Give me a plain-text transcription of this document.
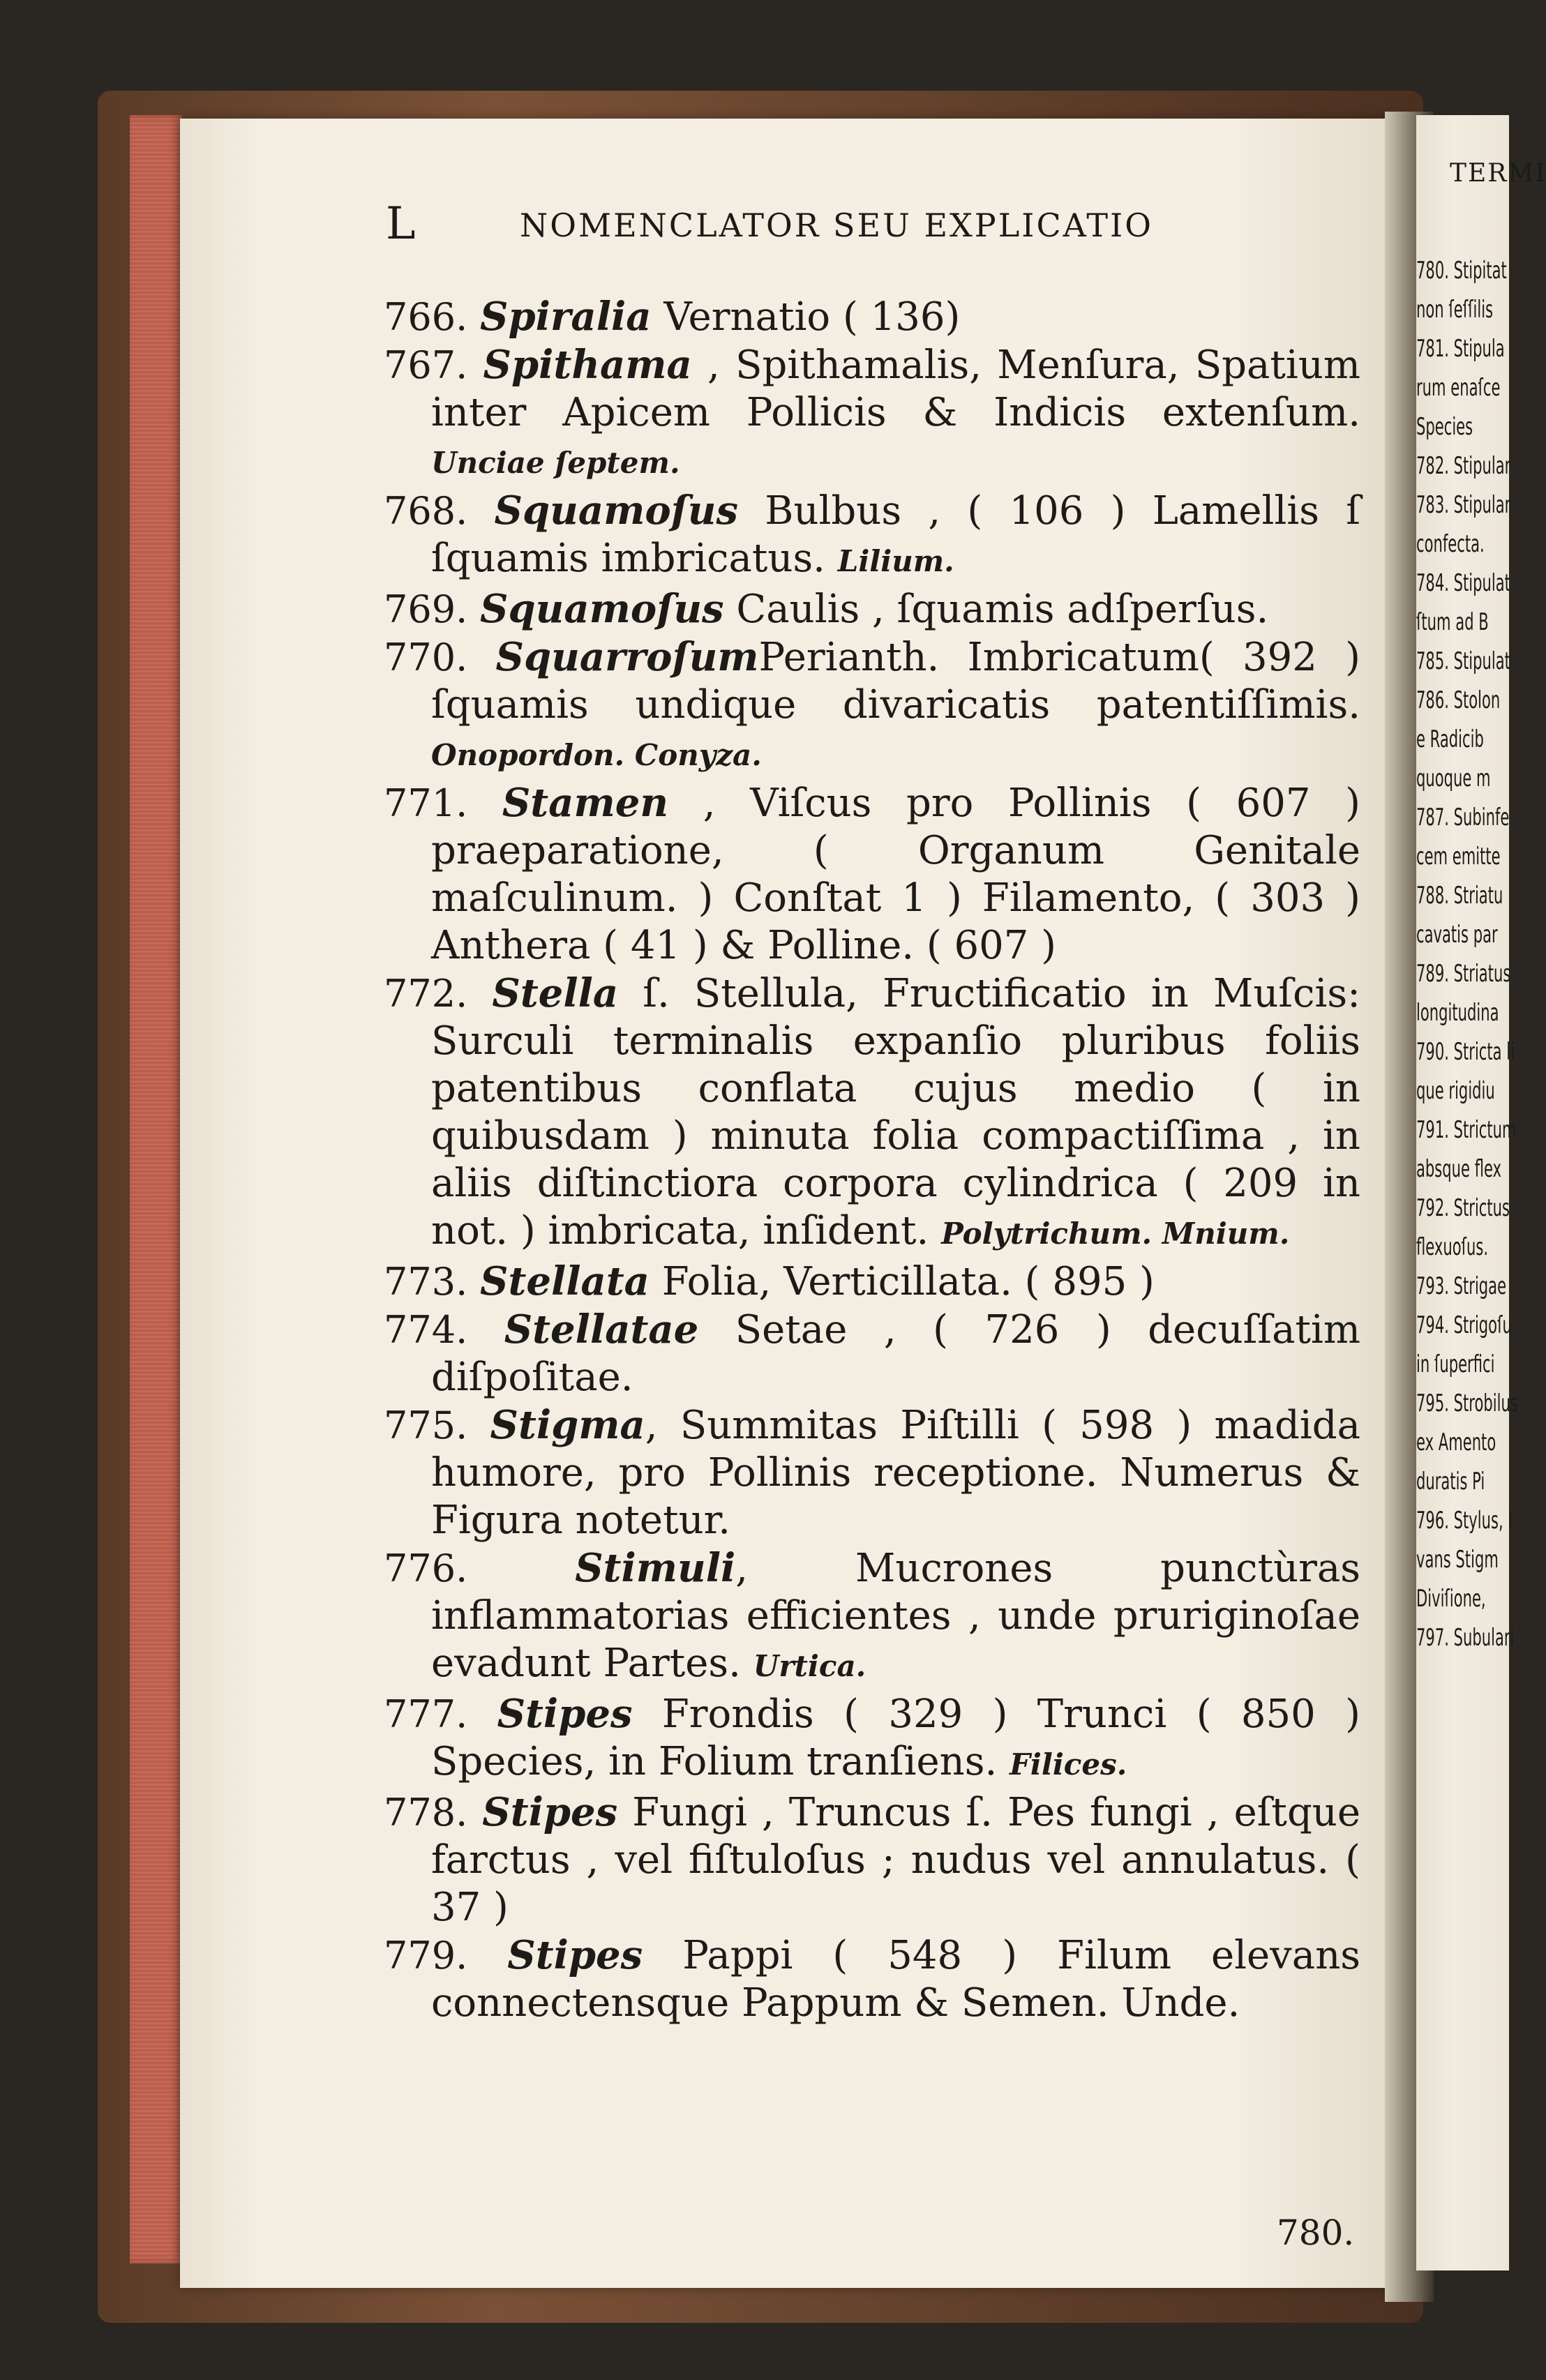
L	NOMENCLATOR SEU EXPLICATIO

766. Spiralia Vernatio ( 136)

767. Spithama , Spithamalis, Menſura, Spatium inter Apicem Pollicis & Indicis extenſum. Unciae ſeptem.

768. Squamoſus Bulbus , ( 106 ) Lamellis ſ ſquamis imbricatus. Lilium.

769. Squamoſus Caulis , ſquamis adſperſus.

770. SquarroſumPerianth. Imbricatum( 392 ) ſquamis undique divaricatis patentiſſimis. Onopordon. Conyza.

771. Stamen , Viſcus pro Pollinis ( 607 ) praeparatione, ( Organum Genitale maſculinum. ) Conſtat 1 ) Filamento, ( 303 ) Anthera ( 41 ) & Polline. ( 607 )

772. Stella ſ. Stellula, Fructificatio in Muſcis: Surculi terminalis expanſio pluribus foliis patentibus conflata cujus medio ( in quibusdam ) minuta folia compactiſſima , in aliis diſtinctiora corpora cylindrica ( 209 in not. ) imbricata, inſident. Polytrichum. Mnium.

773. Stellata Folia, Verticillata. ( 895 )

774. Stellatae Setae , ( 726 ) decuſſatim diſpoſitae.

775. Stigma, Summitas Piſtilli ( 598 ) madida humore, pro Pollinis receptione. Numerus & Figura notetur.

776.	Stimuli, Mucrones punctùras inflammatorias efficientes , unde pruriginoſae evadunt Partes. Urtica.

777. Stipes Frondis ( 329 ) Trunci ( 850 ) Species, in Folium tranſiens. Filices.

778. Stipes Fungi , Truncus ſ. Pes fungi , eſtque farctus , vel fiſtuloſus ; nudus vel annulatus. ( 37 )

779. Stipes Pappi ( 548 ) Filum elevans connectensque Pappum & Semen. Unde.

780.
TERMI
780. Stipitat
non ſeſſilis
781. Stipula
rum enaſce
Species
782. Stipular
783. Stipular
confecta.
784. Stipulat
ſtum ad B
785. Stipulat
786. Stolon
e Radicib
quoque m
787. Subinfe
cem emitte
788. Striatu
cavatis par
789. Striatus
longitudina
790. Stricta li
que rigidiu
791. Strictum
absque flex
792. Strictus
flexuoſus.
793. Strigae
794. Strigoſu
in ſuperfici
795. Strobilus
ex Amento
duratis Pi
796. Stylus, I
vans Stigm
Diviſione,
797. Subulari
